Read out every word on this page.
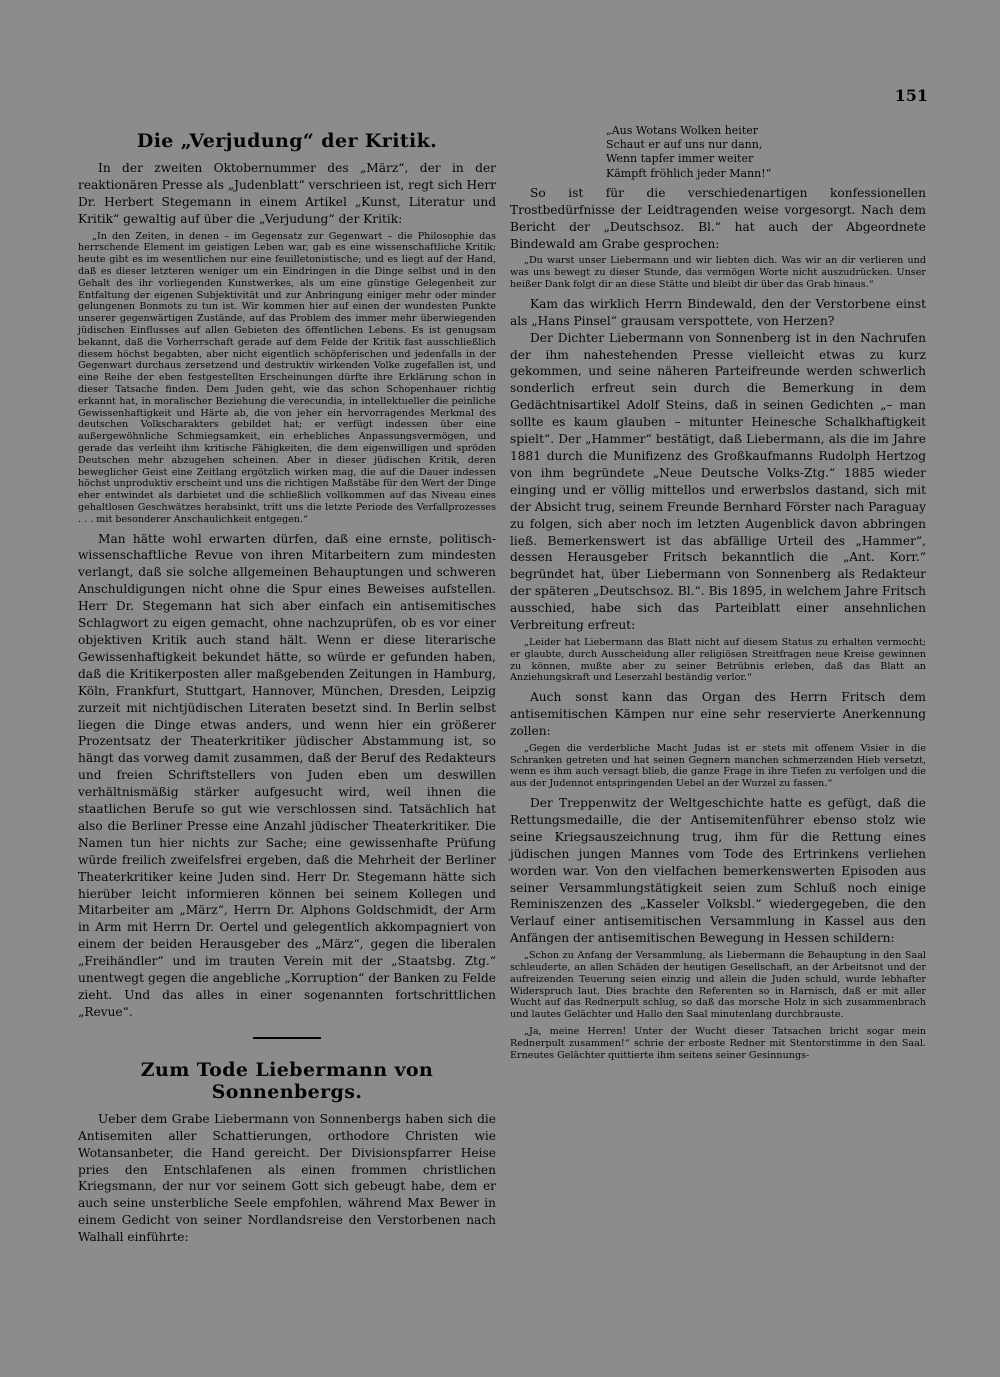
151
Die „Verjudung“ der Kritik.

In der zweiten Oktobernummer des „März“, der in der reaktionären Presse als „Judenblatt“ verschrieen ist, regt sich Herr Dr. Herbert Stegemann in einem Artikel „Kunst, Literatur und Kritik“ gewaltig auf über die „Verjudung“ der Kritik:

„In den Zeiten, in denen – im Gegensatz zur Gegenwart – die Philosophie das herrschende Element im geistigen Leben war, gab es eine wissenschaftliche Kritik; heute gibt es im wesentlichen nur eine feuilletonistische; und es liegt auf der Hand, daß es dieser letzteren weniger um ein Eindringen in die Dinge selbst und in den Gehalt des ihr vorliegenden Kunstwerkes, als um eine günstige Gelegenheit zur Entfaltung der eigenen Subjektivität und zur Anbringung einiger mehr oder minder gelungenen Bonmots zu tun ist. Wir kommen hier auf einen der wundesten Punkte unserer gegenwärtigen Zustände, auf das Problem des immer mehr überwiegenden jüdischen Einflusses auf allen Gebieten des öffentlichen Lebens. Es ist genugsam bekannt, daß die Vorherrschaft gerade auf dem Felde der Kritik fast ausschließlich diesem höchst begabten, aber nicht eigentlich schöpferischen und jedenfalls in der Gegenwart durchaus zersetzend und destruktiv wirkenden Volke zugefallen ist, und eine Reihe der eben festgestellten Erscheinungen dürfte ihre Erklärung schon in dieser Tatsache finden. Dem Juden geht, wie das schon Schopenhauer richtig erkannt hat, in moralischer Beziehung die verecundia, in intellektueller die peinliche Gewissenhaftigkeit und Härte ab, die von jeher ein hervorragendes Merkmal des deutschen Volkscharakters gebildet hat; er verfügt indessen über eine außergewöhnliche Schmiegsamkeit, ein erhebliches Anpassungsvermögen, und gerade das verleiht ihm kritische Fähigkeiten, die dem eigenwilligen und spröden Deutschen mehr abzugehen scheinen. Aber in dieser jüdischen Kritik, deren beweglicher Geist eine Zeitlang ergötzlich wirken mag, die auf die Dauer indessen höchst unproduktiv erscheint und uns die richtigen Maßstäbe für den Wert der Dinge eher entwindet als darbietet und die schließlich vollkommen auf das Niveau eines gehaltlosen Geschwätzes herabsinkt, tritt uns die letzte Periode des Verfallprozesses . . . mit besonderer Anschaulichkeit entgegen.“

Man hätte wohl erwarten dürfen, daß eine ernste, politisch-wissenschaftliche Revue von ihren Mitarbeitern zum mindesten verlangt, daß sie solche allgemeinen Behauptungen und schweren Anschuldigungen nicht ohne die Spur eines Beweises aufstellen. Herr Dr. Stegemann hat sich aber einfach ein antisemitisches Schlagwort zu eigen gemacht, ohne nachzuprüfen, ob es vor einer objektiven Kritik auch stand hält. Wenn er diese literarische Gewissenhaftigkeit bekundet hätte, so würde er gefunden haben, daß die Kritikerposten aller maßgebenden Zeitungen in Hamburg, Köln, Frankfurt, Stuttgart, Hannover, München, Dresden, Leipzig zurzeit mit nichtjüdischen Literaten besetzt sind. In Berlin selbst liegen die Dinge etwas anders, und wenn hier ein größerer Prozentsatz der Theaterkritiker jüdischer Abstammung ist, so hängt das vorweg damit zusammen, daß der Beruf des Redakteurs und freien Schriftstellers von Juden eben um deswillen verhältnismäßig stärker aufgesucht wird, weil ihnen die staatlichen Berufe so gut wie verschlossen sind. Tatsächlich hat also die Berliner Presse eine Anzahl jüdischer Theaterkritiker. Die Namen tun hier nichts zur Sache; eine gewissenhafte Prüfung würde freilich zweifelsfrei ergeben, daß die Mehrheit der Berliner Theaterkritiker keine Juden sind. Herr Dr. Stegemann hätte sich hierüber leicht informieren können bei seinem Kollegen und Mitarbeiter am „März“, Herrn Dr. Alphons Goldschmidt, der Arm in Arm mit Herrn Dr. Oertel und gelegentlich akkompagniert von einem der beiden Herausgeber des „März“, gegen die liberalen „Freihändler“ und im trauten Verein mit der „Staatsbg. Ztg.“ unentwegt gegen die angebliche „Korruption“ der Banken zu Felde zieht. Und das alles in einer sogenannten fortschrittlichen „Revue“.

Zum Tode Liebermann von Sonnenbergs.

Ueber dem Grabe Liebermann von Sonnenbergs haben sich die Antisemiten aller Schattierungen, orthodore Christen wie Wotansanbeter, die Hand gereicht. Der Divisionspfarrer Heise pries den Entschlafenen als einen frommen christlichen Kriegsmann, der nur vor seinem Gott sich gebeugt habe, dem er auch seine unsterbliche Seele empfohlen, während Max Bewer in einem Gedicht von seiner Nordlandsreise den Verstorbenen nach Walhall einführte:

„Aus Wotans Wolken heiter
Schaut er auf uns nur dann,
Wenn tapfer immer weiter
Kämpft fröhlich jeder Mann!“

So ist für die verschiedenartigen konfessionellen Trostbedürfnisse der Leidtragenden weise vorgesorgt. Nach dem Bericht der „Deutschsoz. Bl.“ hat auch der Abgeordnete Bindewald am Grabe gesprochen:

„Du warst unser Liebermann und wir liebten dich. Was wir an dir verlieren und was uns bewegt zu dieser Stunde, das vermögen Worte nicht auszudrücken. Unser heißer Dank folgt dir an diese Stätte und bleibt dir über das Grab hinaus.“

Kam das wirklich Herrn Bindewald, den der Verstorbene einst als „Hans Pinsel“ grausam verspottete, von Herzen?

Der Dichter Liebermann von Sonnenberg ist in den Nachrufen der ihm nahestehenden Presse vielleicht etwas zu kurz gekommen, und seine näheren Parteifreunde werden schwerlich sonderlich erfreut sein durch die Bemerkung in dem Gedächtnisartikel Adolf Steins, daß in seinen Gedichten „– man sollte es kaum glauben – mitunter Heinesche Schalkhaftigkeit spielt“. Der „Hammer“ bestätigt, daß Liebermann, als die im Jahre 1881 durch die Munifizenz des Großkaufmanns Rudolph Hertzog von ihm begründete „Neue Deutsche Volks-Ztg.“ 1885 wieder einging und er völlig mittellos und erwerbslos dastand, sich mit der Absicht trug, seinem Freunde Bernhard Förster nach Paraguay zu folgen, sich aber noch im letzten Augenblick davon abbringen ließ. Bemerkenswert ist das abfällige Urteil des „Hammer“, dessen Herausgeber Fritsch bekanntlich die „Ant. Korr.“ begründet hat, über Liebermann von Sonnenberg als Redakteur der späteren „Deutschsoz. Bl.“. Bis 1895, in welchem Jahre Fritsch ausschied, habe sich das Parteiblatt einer ansehnlichen Verbreitung erfreut:

„Leider hat Liebermann das Blatt nicht auf diesem Status zu erhalten vermocht; er glaubte, durch Ausscheidung aller religiösen Streitfragen neue Kreise gewinnen zu können, mußte aber zu seiner Betrübnis erleben, daß das Blatt an Anziehungskraft und Leserzahl beständig verlor.“

Auch sonst kann das Organ des Herrn Fritsch dem antisemitischen Kämpen nur eine sehr reservierte Anerkennung zollen:

„Gegen die verderbliche Macht Judas ist er stets mit offenem Visier in die Schranken getreten und hat seinen Gegnern manchen schmerzenden Hieb versetzt, wenn es ihm auch versagt blieb, die ganze Frage in ihre Tiefen zu verfolgen und die aus der Judennot entspringenden Uebel an der Wurzel zu fassen.“

Der Treppenwitz der Weltgeschichte hatte es gefügt, daß die Rettungsmedaille, die der Antisemitenführer ebenso stolz wie seine Kriegsauszeichnung trug, ihm für die Rettung eines jüdischen jungen Mannes vom Tode des Ertrinkens verliehen worden war. Von den vielfachen bemerkenswerten Episoden aus seiner Versammlungstätigkeit seien zum Schluß noch einige Reminiszenzen des „Kasseler Volksbl.“ wiedergegeben, die den Verlauf einer antisemitischen Versammlung in Kassel aus den Anfängen der antisemitischen Bewegung in Hessen schildern:

„Schon zu Anfang der Versammlung, als Liebermann die Behauptung in den Saal schleuderte, an allen Schäden der heutigen Gesellschaft, an der Arbeitsnot und der aufreizenden Teuerung seien einzig und allein die Juden schuld, wurde lebhafter Widerspruch laut. Dies brachte den Referenten so in Harnisch, daß er mit aller Wucht auf das Rednerpult schlug, so daß das morsche Holz in sich zusammenbrach und lautes Gelächter und Hallo den Saal minutenlang durchbrauste.

„Ja, meine Herren! Unter der Wucht dieser Tatsachen bricht sogar mein Rednerpult zusammen!“ schrie der erboste Redner mit Stentorstimme in den Saal. Erneutes Gelächter quittierte ihm seitens seiner Gesinnungs-
